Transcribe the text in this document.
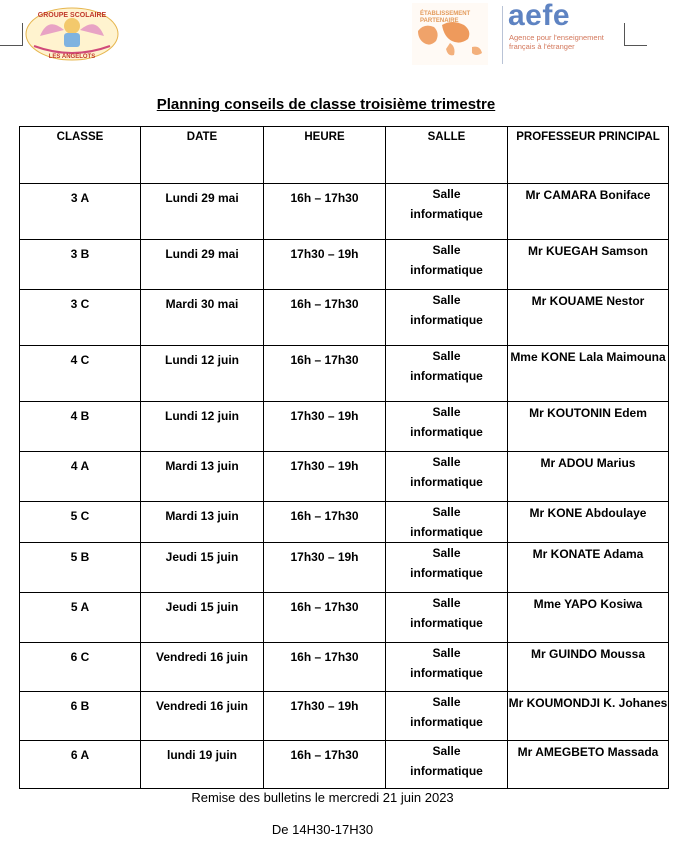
GROUPE SCOLAIRE
LES ANGELOTS
ÉTABLISSEMENT PARTENAIRE	aefe
Agence pour l'enseignement français à l'étranger
Planning conseils de classe troisième trimestre
CLASSE	DATE	HEURE	SALLE	PROFESSEUR PRINCIPAL
3 A	Lundi 29 mai	16h – 17h30	Salle informatique	Mr CAMARA Boniface
3 B	Lundi 29 mai	17h30 – 19h	Salle informatique	Mr KUEGAH Samson
3 C	Mardi 30 mai	16h – 17h30	Salle informatique	Mr KOUAME Nestor
4 C	Lundi 12 juin	16h – 17h30	Salle informatique	Mme KONE Lala Maimouna
4 B	Lundi 12 juin	17h30 – 19h	Salle informatique	Mr KOUTONIN Edem
4 A	Mardi 13 juin	17h30 – 19h	Salle informatique	Mr ADOU Marius
5 C	Mardi 13 juin	16h – 17h30	Salle informatique	Mr KONE Abdoulaye
5 B	Jeudi 15 juin	17h30 – 19h	Salle informatique	Mr KONATE Adama
5 A	Jeudi 15 juin	16h – 17h30	Salle informatique	Mme YAPO Kosiwa
6 C	Vendredi 16 juin	16h – 17h30	Salle informatique	Mr GUINDO Moussa
6 B	Vendredi 16 juin	17h30 – 19h	Salle informatique	Mr KOUMONDJI K. Johanes
6 A	lundi 19 juin	16h – 17h30	Salle informatique	Mr AMEGBETO Massada
Remise des bulletins le mercredi 21 juin 2023
De 14H30-17H30
